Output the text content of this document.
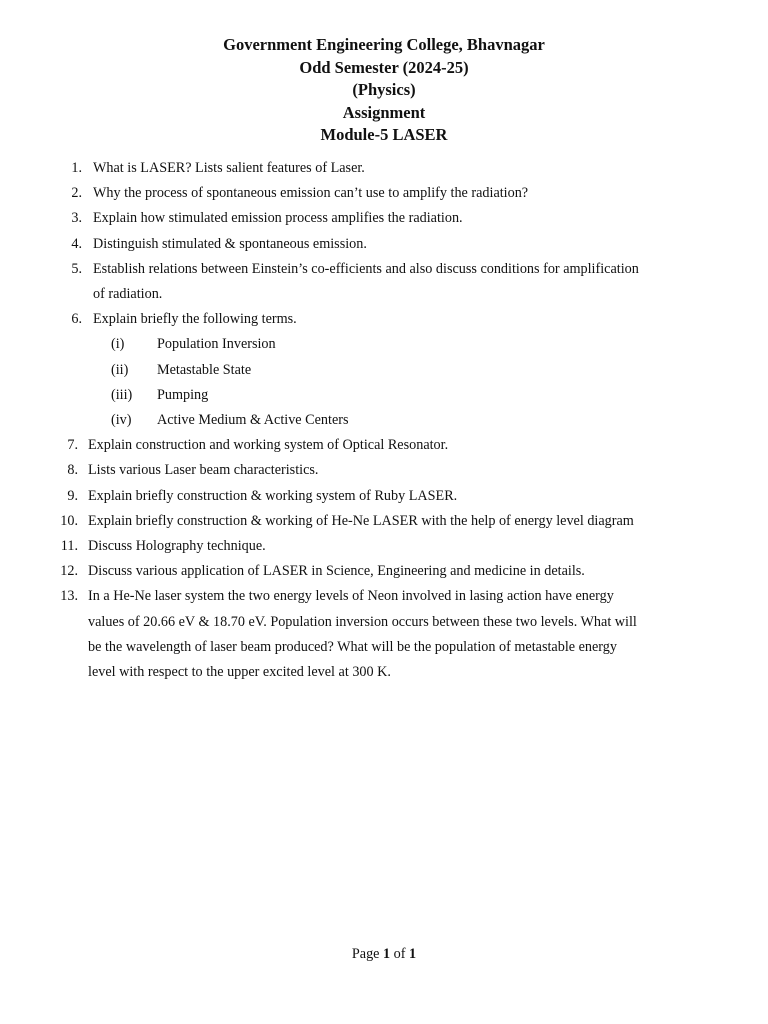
Government Engineering College, Bhavnagar
Odd Semester (2024-25)
(Physics)
Assignment
Module-5 LASER
1. What is LASER? Lists salient features of Laser.
2. Why the process of spontaneous emission can’t use to amplify the radiation?
3. Explain how stimulated emission process amplifies the radiation.
4. Distinguish stimulated & spontaneous emission.
5. Establish relations between Einstein’s co-efficients and also discuss conditions for amplification
of radiation.
6. Explain briefly the following terms.
(i) Population Inversion
(ii) Metastable State
(iii) Pumping
(iv) Active Medium & Active Centers
7. Explain construction and working system of Optical Resonator.
8. Lists various Laser beam characteristics.
9. Explain briefly construction & working system of Ruby LASER.
10. Explain briefly construction & working of He-Ne LASER with the help of energy level diagram
11. Discuss Holography technique.
12. Discuss various application of LASER in Science, Engineering and medicine in details.
13. In a He-Ne laser system the two energy levels of Neon involved in lasing action have energy
values of 20.66 eV & 18.70 eV. Population inversion occurs between these two levels. What will
be the wavelength of laser beam produced? What will be the population of metastable energy
level with respect to the upper excited level at 300 K.
Page 1 of 1
